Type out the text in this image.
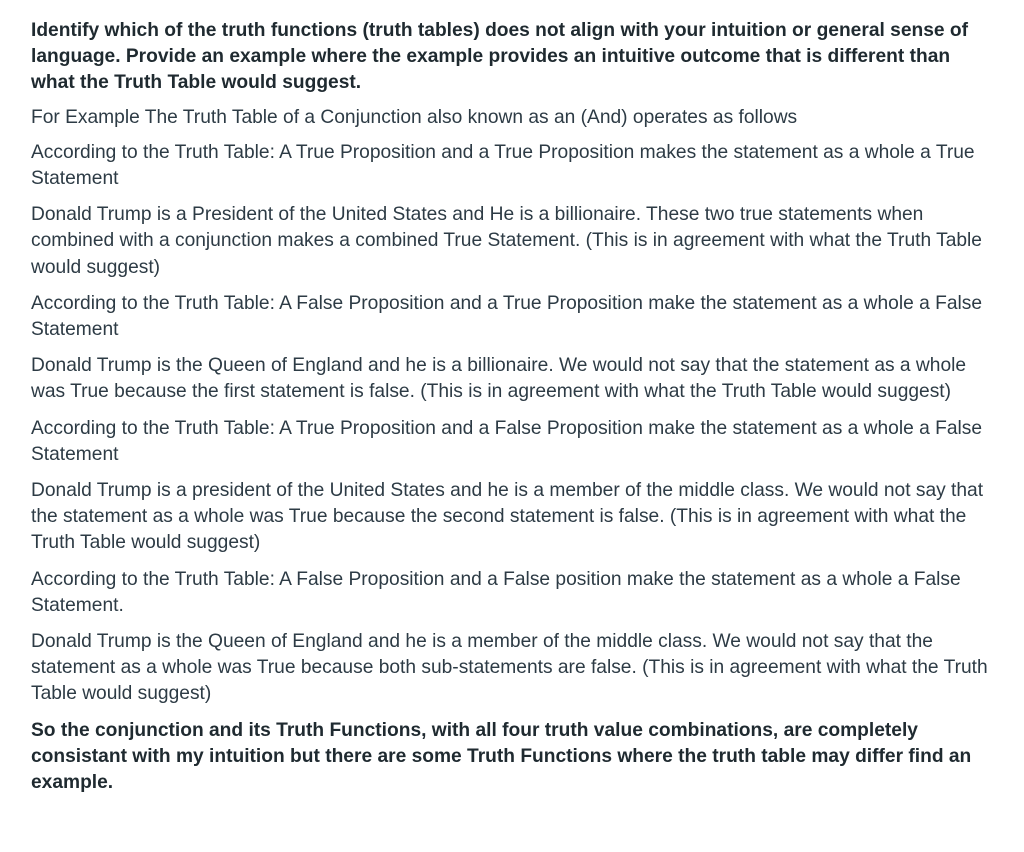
Identify which of the truth functions (truth tables) does not align with your intuition or general sense of language. Provide an example where the example provides an intuitive outcome that is different than what the Truth Table would suggest.

For Example The Truth Table of a Conjunction also known as an (And) operates as follows

According to the Truth Table: A True Proposition and a True Proposition makes the statement as a whole a True Statement

Donald Trump is a President of the United States and He is a billionaire. These two true statements when combined with a conjunction makes a combined True Statement. (This is in agreement with what the Truth Table would suggest)

According to the Truth Table: A False Proposition and a True Proposition make the statement as a whole a False Statement

Donald Trump is the Queen of England and he is a billionaire. We would not say that the statement as a whole was True because the first statement is false. (This is in agreement with what the Truth Table would suggest)

According to the Truth Table: A True Proposition and a False Proposition make the statement as a whole a False Statement

Donald Trump is a president of the United States and he is a member of the middle class. We would not say that the statement as a whole was True because the second statement is false. (This is in agreement with what the Truth Table would suggest)

According to the Truth Table: A False Proposition and a False position make the statement as a whole a False Statement.

Donald Trump is the Queen of England and he is a member of the middle class. We would not say that the statement as a whole was True because both sub-statements are false. (This is in agreement with what the Truth Table would suggest)

So the conjunction and its Truth Functions, with all four truth value combinations, are completely consistant with my intuition but there are some Truth Functions where the truth table may differ find an example.
